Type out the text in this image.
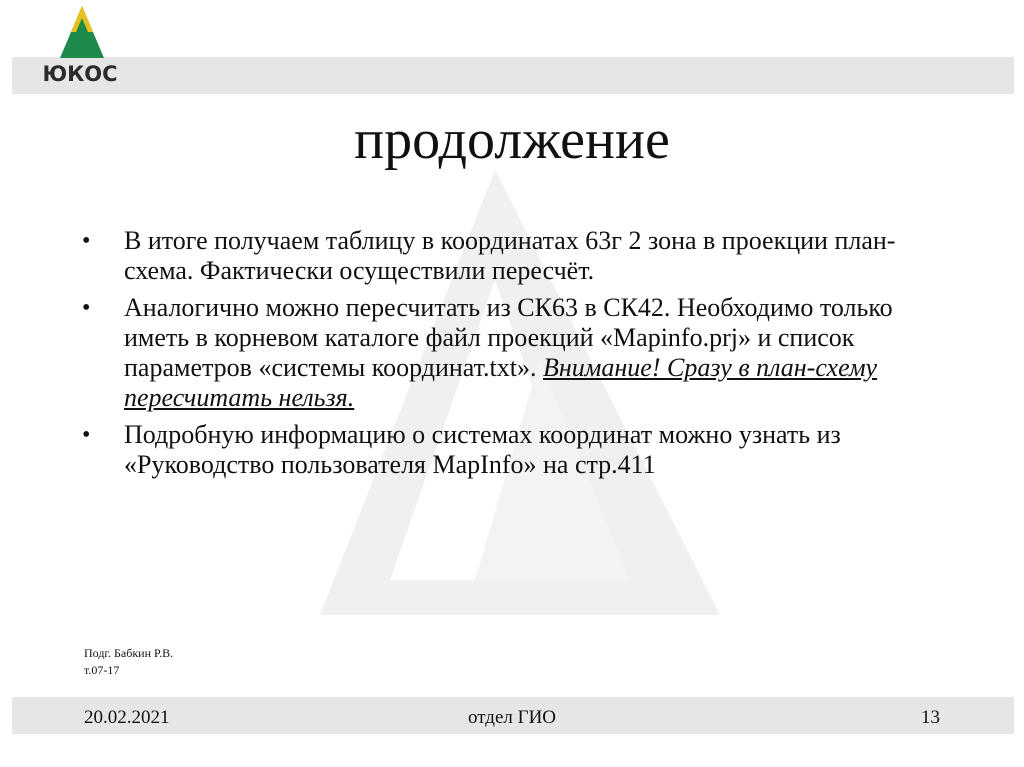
ЮКОС
продолжение
• В итоге получаем таблицу в координатах 63г 2 зона в проекции план-схема. Фактически осуществили пересчёт.
• Аналогично можно пересчитать из СК63 в СК42. Необходимо только иметь в корневом каталоге файл проекций «Mapinfo.prj» и список параметров «системы координат.txt». Внимание! Сразу в план-схему пересчитать нельзя.
• Подробную информацию о системах координат можно узнать из «Руководство пользователя MapInfo» на стр.411
Подг. Бабкин Р.В.
т.07-17
20.02.2021	отдел ГИО	13
